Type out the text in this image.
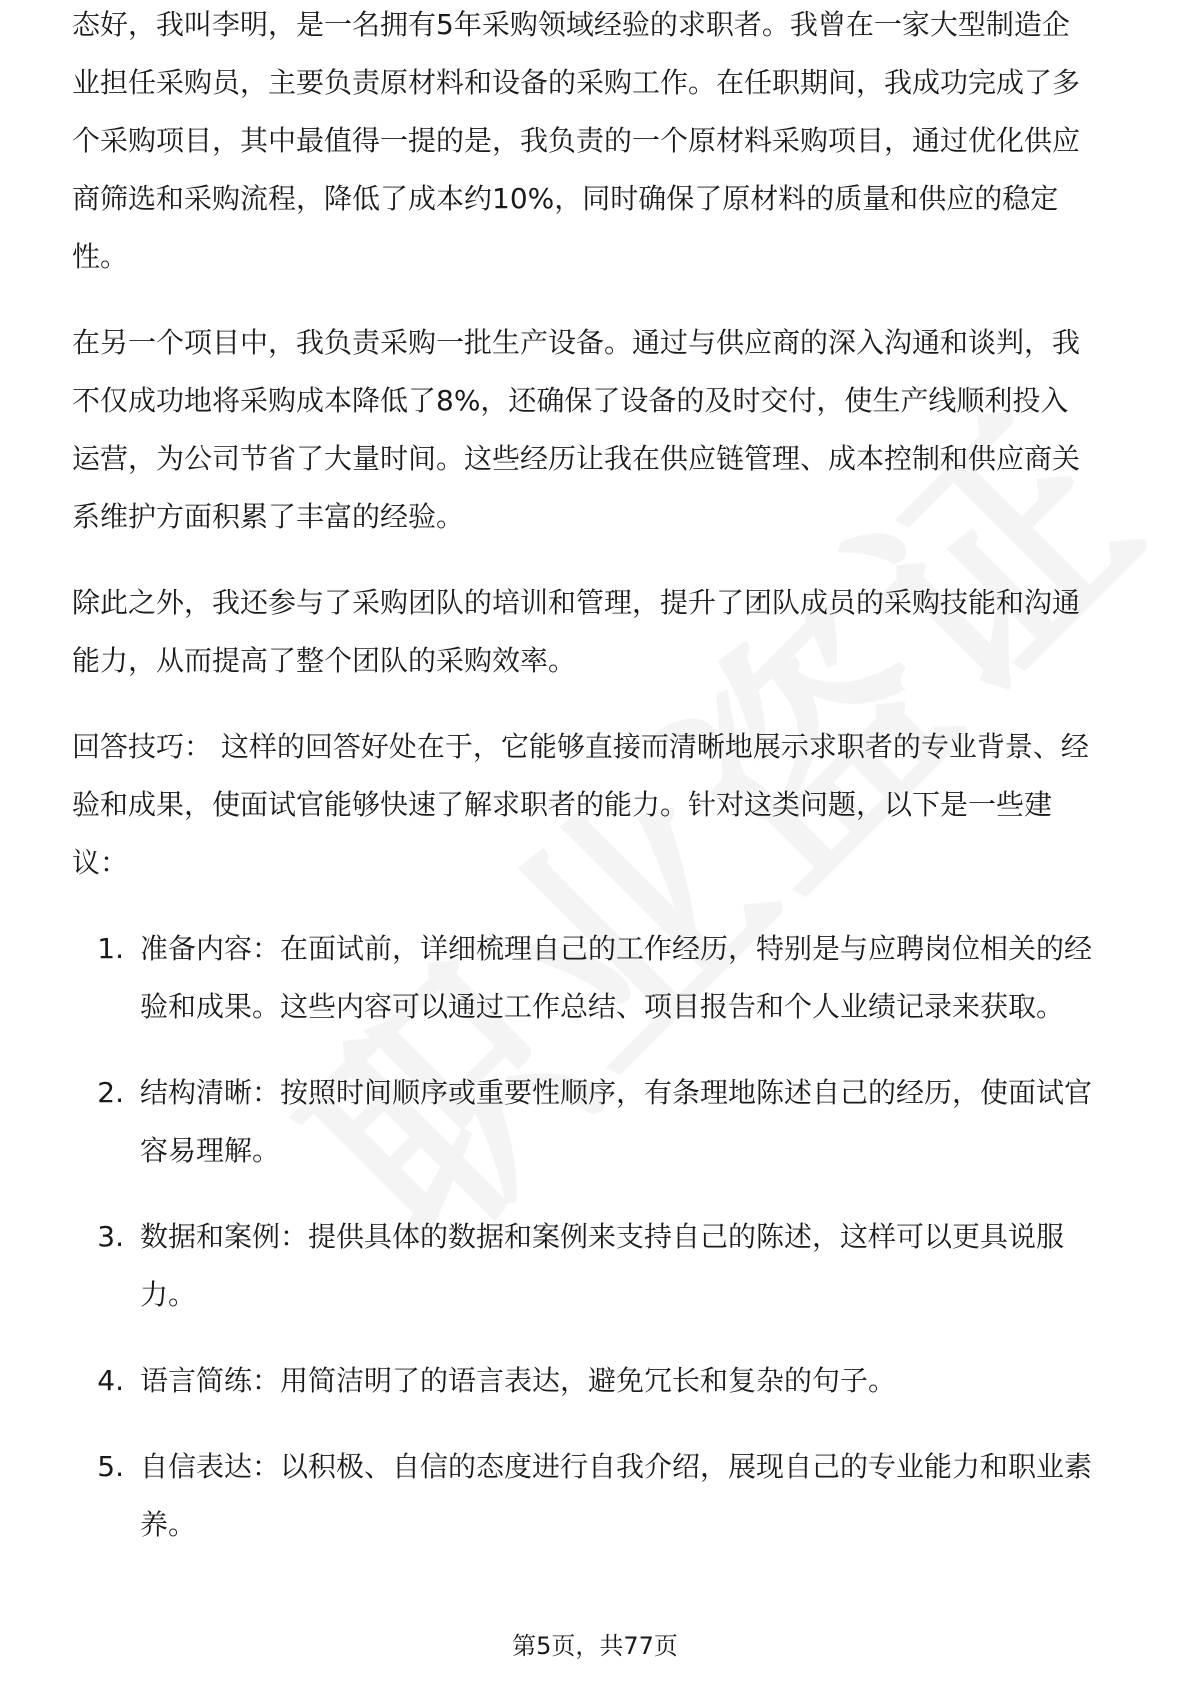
态好，我叫李明，是一名拥有5年采购领域经验的求职者。我曾在一家大型制造企

业担任采购员，主要负责原材料和设备的采购工作。在任职期间，我成功完成了多

个采购项目，其中最值得一提的是，我负责的一个原材料采购项目，通过优化供应

商筛选和采购流程，降低了成本约10%，同时确保了原材料的质量和供应的稳定

性。

在另一个项目中，我负责采购一批生产设备。通过与供应商的深入沟通和谈判，我

不仅成功地将采购成本降低了8%，还确保了设备的及时交付，使生产线顺利投入

运营，为公司节省了大量时间。这些经历让我在供应链管理、成本控制和供应商关

系维护方面积累了丰富的经验。

除此之外，我还参与了采购团队的培训和管理，提升了团队成员的采购技能和沟通

能力，从而提高了整个团队的采购效率。

回答技巧： 这样的回答好处在于，它能够直接而清晰地展示求职者的专业背景、经

验和成果，使面试官能够快速了解求职者的能力。针对这类问题，以下是一些建

议：

1. 准备内容：在面试前，详细梳理自己的工作经历，特别是与应聘岗位相关的经

验和成果。这些内容可以通过工作总结、项目报告和个人业绩记录来获取。

2. 结构清晰：按照时间顺序或重要性顺序，有条理地陈述自己的经历，使面试官

容易理解。

3. 数据和案例：提供具体的数据和案例来支持自己的陈述，这样可以更具说服

力。

4. 语言简练：用简洁明了的语言表达，避免冗长和复杂的句子。

5. 自信表达：以积极、自信的态度进行自我介绍，展现自己的专业能力和职业素

养。

第5页，共77页
